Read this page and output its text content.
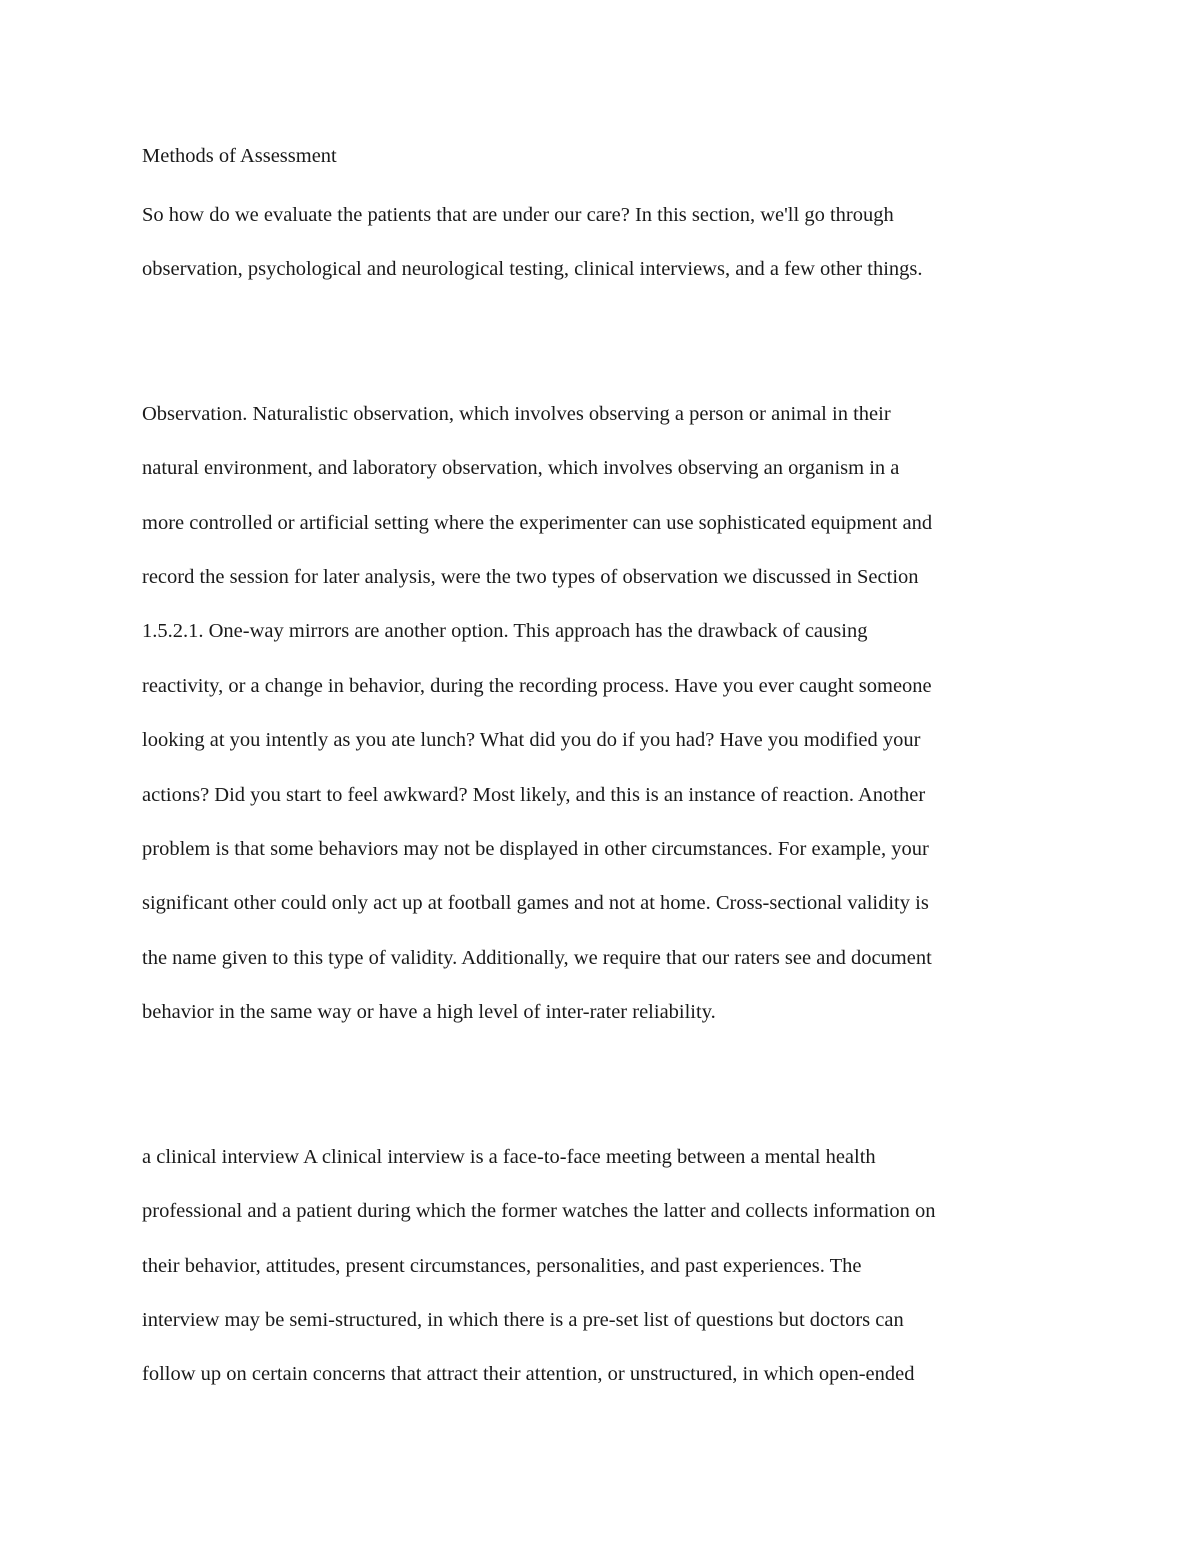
Methods of Assessment

So how do we evaluate the patients that are under our care? In this section, we'll go through
observation, psychological and neurological testing, clinical interviews, and a few other things.

Observation. Naturalistic observation, which involves observing a person or animal in their
natural environment, and laboratory observation, which involves observing an organism in a
more controlled or artificial setting where the experimenter can use sophisticated equipment and
record the session for later analysis, were the two types of observation we discussed in Section
1.5.2.1. One-way mirrors are another option. This approach has the drawback of causing
reactivity, or a change in behavior, during the recording process. Have you ever caught someone
looking at you intently as you ate lunch? What did you do if you had? Have you modified your
actions? Did you start to feel awkward? Most likely, and this is an instance of reaction. Another
problem is that some behaviors may not be displayed in other circumstances. For example, your
significant other could only act up at football games and not at home. Cross-sectional validity is
the name given to this type of validity. Additionally, we require that our raters see and document
behavior in the same way or have a high level of inter-rater reliability.

a clinical interview A clinical interview is a face-to-face meeting between a mental health
professional and a patient during which the former watches the latter and collects information on
their behavior, attitudes, present circumstances, personalities, and past experiences. The
interview may be semi-structured, in which there is a pre-set list of questions but doctors can
follow up on certain concerns that attract their attention, or unstructured, in which open-ended
